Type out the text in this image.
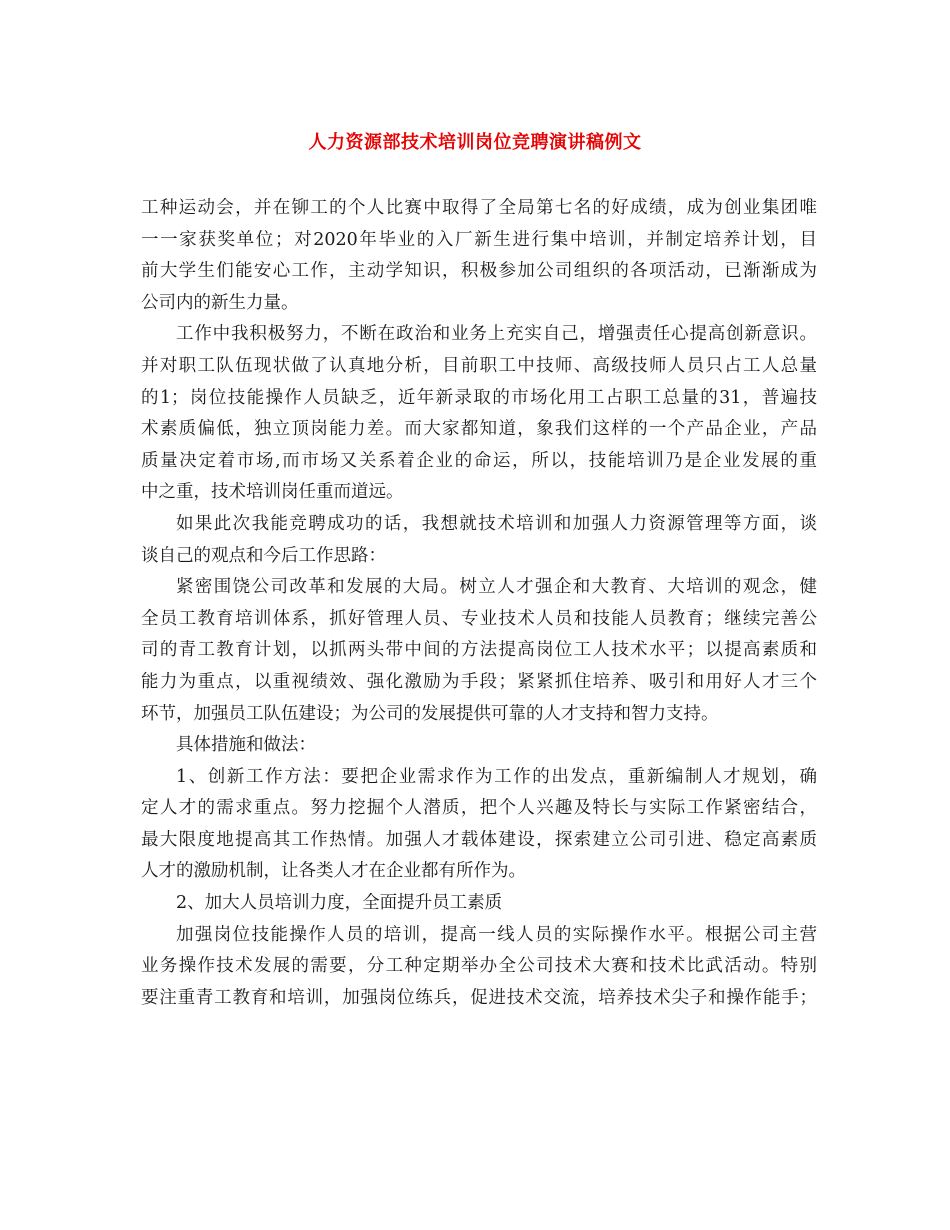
人力资源部技术培训岗位竞聘演讲稿例文
工种运动会，并在铆工的个人比赛中取得了全局第七名的好成绩，成为创业集团唯
一一家获奖单位；对2020年毕业的入厂新生进行集中培训，并制定培养计划，目
前大学生们能安心工作，主动学知识，积极参加公司组织的各项活动，已渐渐成为
公司内的新生力量。
工作中我积极努力，不断在政治和业务上充实自己，增强责任心提高创新意识。
并对职工队伍现状做了认真地分析，目前职工中技师、高级技师人员只占工人总量
的1；岗位技能操作人员缺乏，近年新录取的市场化用工占职工总量的31，普遍技
术素质偏低，独立顶岗能力差。而大家都知道，象我们这样的一个产品企业，产品
质量决定着市场,而市场又关系着企业的命运，所以，技能培训乃是企业发展的重
中之重，技术培训岗任重而道远。
如果此次我能竞聘成功的话，我想就技术培训和加强人力资源管理等方面，谈
谈自己的观点和今后工作思路：
紧密围饶公司改革和发展的大局。树立人才强企和大教育、大培训的观念，健
全员工教育培训体系，抓好管理人员、专业技术人员和技能人员教育；继续完善公
司的青工教育计划，以抓两头带中间的方法提高岗位工人技术水平；以提高素质和
能力为重点，以重视绩效、强化激励为手段；紧紧抓住培养、吸引和用好人才三个
环节，加强员工队伍建设；为公司的发展提供可靠的人才支持和智力支持。
具体措施和做法：
1、创新工作方法：要把企业需求作为工作的出发点，重新编制人才规划，确
定人才的需求重点。努力挖掘个人潜质，把个人兴趣及特长与实际工作紧密结合，
最大限度地提高其工作热情。加强人才载体建设，探索建立公司引进、稳定高素质
人才的激励机制，让各类人才在企业都有所作为。
2、加大人员培训力度，全面提升员工素质
加强岗位技能操作人员的培训，提高一线人员的实际操作水平。根据公司主营
业务操作技术发展的需要，分工种定期举办全公司技术大赛和技术比武活动。特别
要注重青工教育和培训，加强岗位练兵，促进技术交流，培养技术尖子和操作能手；
